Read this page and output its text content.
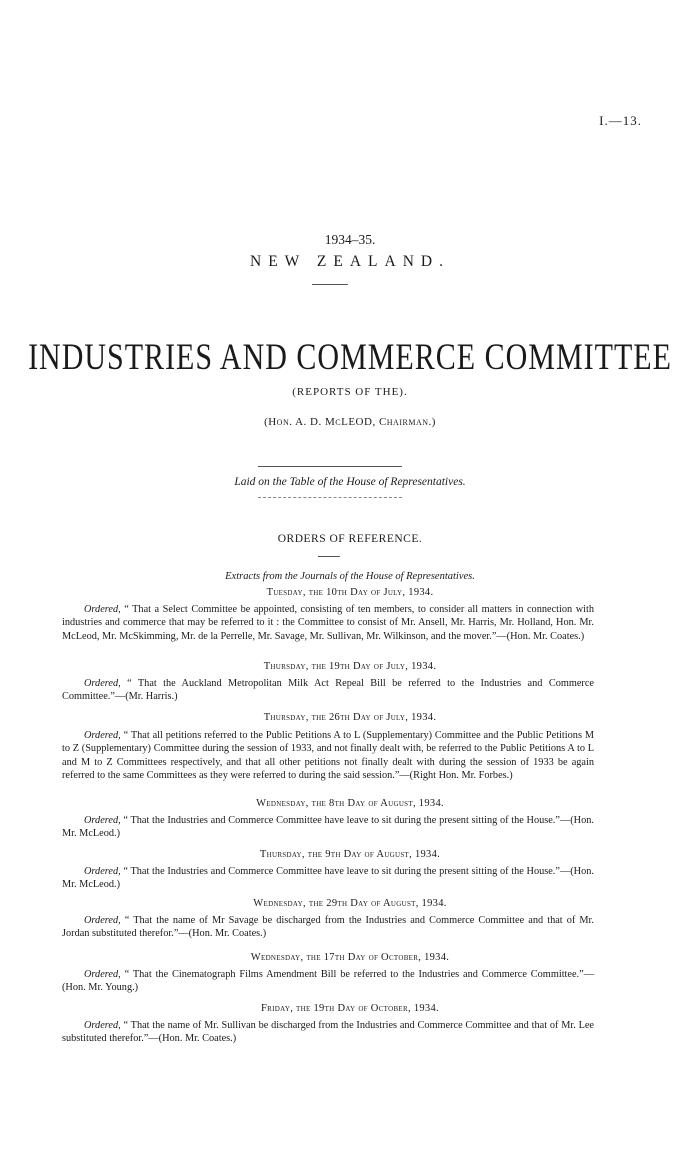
I.—13.
1934–35.
NEW ZEALAND.
INDUSTRIES AND COMMERCE COMMITTEE
(REPORTS OF THE).
(Hon. A. D. McLEOD, Chairman.)
Laid on the Table of the House of Representatives.
ORDERS OF REFERENCE.
Extracts from the Journals of the House of Representatives.
Tuesday, the 10th Day of July, 1934.
Ordered, “ That a Select Committee be appointed, consisting of ten members, to consider all matters in connection with industries and commerce that may be referred to it : the Committee to consist of Mr. Ansell, Mr. Harris, Mr. Holland, Hon. Mr. McLeod, Mr. McSkimming, Mr. de la Perrelle, Mr. Savage, Mr. Sullivan, Mr. Wilkinson, and the mover.”—(Hon. Mr. Coates.)
Thursday, the 19th Day of July, 1934.
Ordered, “ That the Auckland Metropolitan Milk Act Repeal Bill be referred to the Industries and Commerce Committee.”—(Mr. Harris.)
Thursday, the 26th Day of July, 1934.
Ordered, “ That all petitions referred to the Public Petitions A to L (Supplementary) Committee and the Public Petitions M to Z (Supplementary) Committee during the session of 1933, and not finally dealt with, be referred to the Public Petitions A to L and M to Z Committees respectively, and that all other petitions not finally dealt with during the session of 1933 be again referred to the same Committees as they were referred to during the said session.”—(Right Hon. Mr. Forbes.)
Wednesday, the 8th Day of August, 1934.
Ordered, “ That the Industries and Commerce Committee have leave to sit during the present sitting of the House.”—(Hon. Mr. McLeod.)
Thursday, the 9th Day of August, 1934.
Ordered, “ That the Industries and Commerce Committee have leave to sit during the present sitting of the House.”—(Hon. Mr. McLeod.)
Wednesday, the 29th Day of August, 1934.
Ordered, “ That the name of Mr Savage be discharged from the Industries and Commerce Committee and that of Mr. Jordan substituted therefor.”—(Hon. Mr. Coates.)
Wednesday, the 17th Day of October, 1934.
Ordered, “ That the Cinematograph Films Amendment Bill be referred to the Industries and Commerce Committee.”—(Hon. Mr. Young.)
Friday, the 19th Day of October, 1934.
Ordered, “ That the name of Mr. Sullivan be discharged from the Industries and Commerce Committee and that of Mr. Lee substituted therefor.”—(Hon. Mr. Coates.)
